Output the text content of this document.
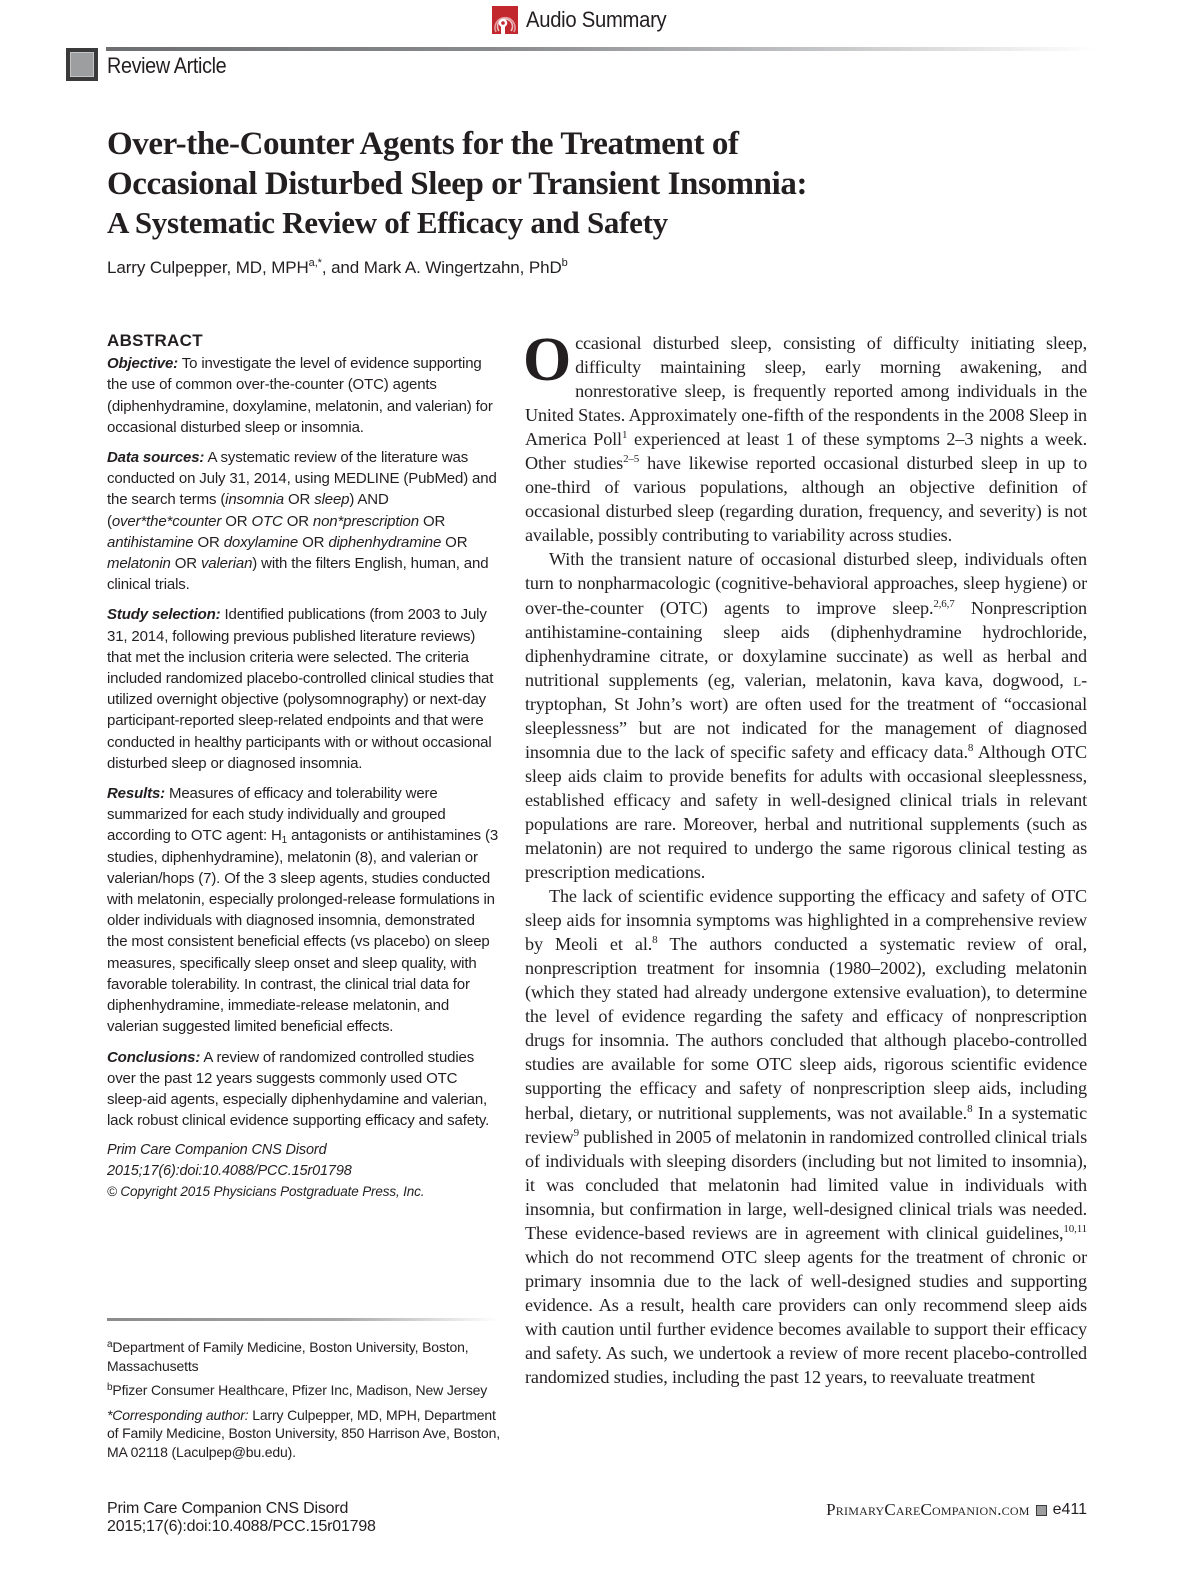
Audio Summary
Review Article
Over-the-Counter Agents for the Treatment of
Occasional Disturbed Sleep or Transient Insomnia:
A Systematic Review of Efficacy and Safety
Larry Culpepper, MD, $MPH^{a,*}$, and Mark A. Wingertzahn, PhD$^b$
ABSTRACT

Objective: To investigate the level of evidence supporting the use of common over-the-counter (OTC) agents (diphenhydramine, doxylamine, melatonin, and valerian) for occasional disturbed sleep or insomnia.

Data sources: A systematic review of the literature was conducted on July 31, 2014, using MEDLINE (PubMed) and the search terms (insomnia OR sleep) AND (over*the*counter OR OTC OR non*prescription OR antihistamine OR doxylamine OR diphenhydramine OR melatonin OR valerian) with the filters English, human, and clinical trials.

Study selection: Identified publications (from 2003 to July 31, 2014, following previous published literature reviews) that met the inclusion criteria were selected. The criteria included randomized placebo-controlled clinical studies that utilized overnight objective (polysomnography) or next-day participant-reported sleep-related endpoints and that were conducted in healthy participants with or without occasional disturbed sleep or diagnosed insomnia.

Results: Measures of efficacy and tolerability were summarized for each study individually and grouped according to OTC agent: $H_1$ antagonists or antihistamines (3 studies, diphenhydramine), melatonin (8), and valerian or valerian/hops (7). Of the 3 sleep agents, studies conducted with melatonin, especially prolonged-release formulations in older individuals with diagnosed insomnia, demonstrated the most consistent beneficial effects (vs placebo) on sleep measures, specifically sleep onset and sleep quality, with favorable tolerability. In contrast, the clinical trial data for diphenhydramine, immediate-release melatonin, and valerian suggested limited beneficial effects.

Conclusions: A review of randomized controlled studies over the past 12 years suggests commonly used OTC sleep-aid agents, especially diphenhydamine and valerian, lack robust clinical evidence supporting efficacy and safety.

Prim Care Companion CNS Disord
2015;17(6):doi:10.4088/PCC.15r01798
© Copyright 2015 Physicians Postgraduate Press, Inc.

$^a$Department of Family Medicine, Boston University, Boston, Massachusetts

$^b$Pfizer Consumer Healthcare, Pfizer Inc, Madison, New Jersey

*Corresponding author: Larry Culpepper, MD, MPH, Department of Family Medicine, Boston University, 850 Harrison Ave, Boston, MA 02118 (Laculpep@bu.edu).

Occasional disturbed sleep, consisting of difficulty initiating sleep, difficulty maintaining sleep, early morning awakening, and nonrestorative sleep, is frequently reported among individuals in the United States. Approximately one-fifth of the respondents in the 2008 Sleep in America Poll$^1$ experienced at least 1 of these symptoms 2–3 nights a week. Other studies$^{2-5}$ have likewise reported occasional disturbed sleep in up to one-third of various populations, although an objective definition of occasional disturbed sleep (regarding duration, frequency, and severity) is not available, possibly contributing to variability across studies.

With the transient nature of occasional disturbed sleep, individuals often turn to nonpharmacologic (cognitive-behavioral approaches, sleep hygiene) or over-the-counter (OTC) agents to improve sleep.$^{2,6,7}$ Nonprescription antihistamine-containing sleep aids (diphenhydramine hydrochloride, diphenhydramine citrate, or doxylamine succinate) as well as herbal and nutritional supplements (eg, valerian, melatonin, kava kava, dogwood, l-tryptophan, St John’s wort) are often used for the treatment of “occasional sleeplessness” but are not indicated for the management of diagnosed insomnia due to the lack of specific safety and efficacy data.$^8$ Although OTC sleep aids claim to provide benefits for adults with occasional sleeplessness, established efficacy and safety in well-designed clinical trials in relevant populations are rare. Moreover, herbal and nutritional supplements (such as melatonin) are not required to undergo the same rigorous clinical testing as prescription medications.

The lack of scientific evidence supporting the efficacy and safety of OTC sleep aids for insomnia symptoms was highlighted in a comprehensive review by Meoli et al.$^8$ The authors conducted a systematic review of oral, nonprescription treatment for insomnia (1980–2002), excluding melatonin (which they stated had already undergone extensive evaluation), to determine the level of evidence regarding the safety and efficacy of nonprescription drugs for insomnia. The authors concluded that although placebo-controlled studies are available for some OTC sleep aids, rigorous scientific evidence supporting the efficacy and safety of nonprescription sleep aids, including herbal, dietary, or nutritional supplements, was not available.$^8$ In a systematic review$^9$ published in 2005 of melatonin in randomized controlled clinical trials of individuals with sleeping disorders (including but not limited to insomnia), it was concluded that melatonin had limited value in individuals with insomnia, but confirmation in large, well-designed clinical trials was needed. These evidence-based reviews are in agreement with clinical guidelines,$^{10,11}$ which do not recommend OTC sleep agents for the treatment of chronic or primary insomnia due to the lack of well-designed studies and supporting evidence. As a result, health care providers can only recommend sleep aids with caution until further evidence becomes available to support their efficacy and safety. As such, we undertook a review of more recent placebo-controlled randomized studies, including the past 12 years, to reevaluate treatment

Prim Care Companion CNS Disord
2015;17(6):doi:10.4088/PCC.15r01798
PrimaryCareCompanion.com e411
